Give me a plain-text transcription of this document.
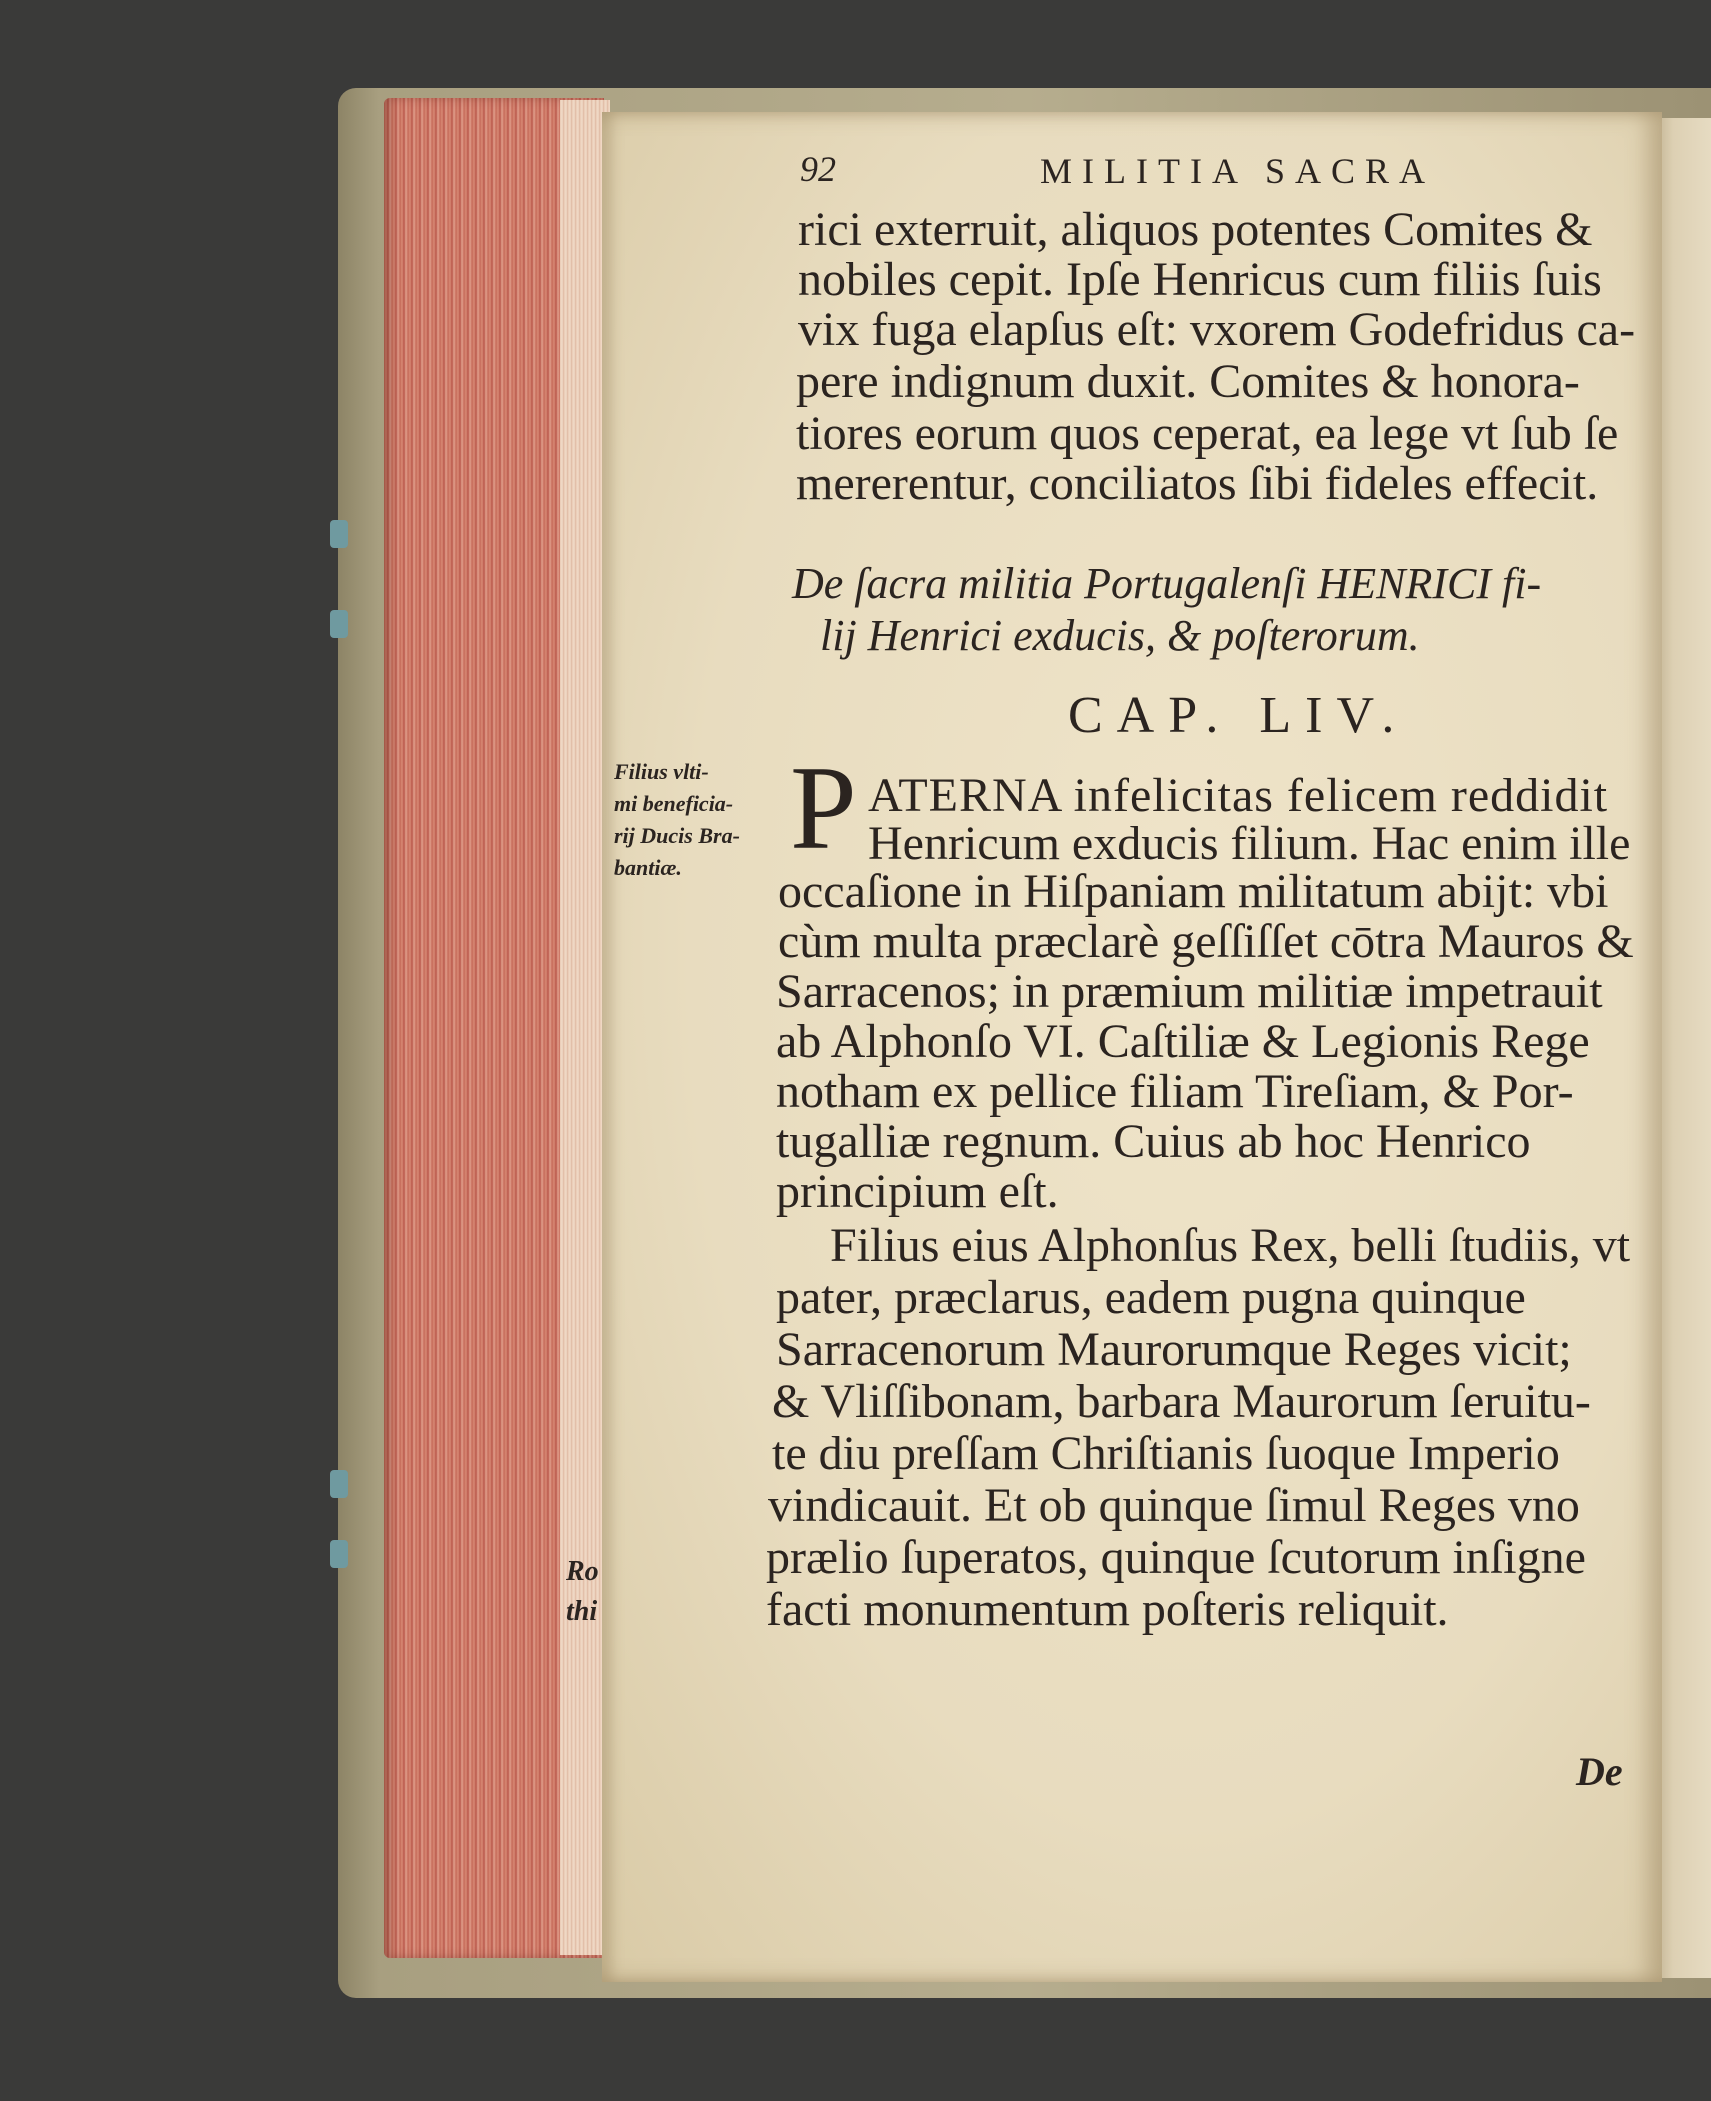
92	MILITIA SACRA
rici exterruit, aliquos potentes Comites &
nobiles cepit. Ipſe Henricus cum filiis ſuis
vix fuga elapſus eſt: vxorem Godefridus ca-
pere indignum duxit. Comites & honora-
tiores eorum quos ceperat, ea lege vt ſub ſe
mererentur, conciliatos ſibi fideles effecit.
De ſacra militia Portugalenſi HENRICI fi-
lij Henrici exducis, & poſterorum.
CAP. LIV.
Filius vlti-
mi beneficia-
rij Ducis Bra-
bantiæ. P ATERNA infelicitas felicem reddidit
Henricum exducis filium. Hac enim ille
occaſione in Hiſpaniam militatum abijt: vbi
cùm multa præclarè geſſiſſet cōtra Mauros &
Sarracenos; in præmium militiæ impetrauit
ab Alphonſo VI. Caſtiliæ & Legionis Rege
notham ex pellice filiam Tireſiam, & Por-
tugalliæ regnum. Cuius ab hoc Henrico
principium eſt.
Filius eius Alphonſus Rex, belli ſtudiis, vt
pater, præclarus, eadem pugna quinque
Sarracenorum Maurorumque Reges vicit;
& Vliſſibonam, barbara Maurorum ſeruitu-
te diu preſſam Chriſtianis ſuoque Imperio
vindicauit. Et ob quinque ſimul Reges vno
prælio ſuperatos, quinque ſcutorum inſigne
facti monumentum poſteris reliquit.
Ro
thi
De
